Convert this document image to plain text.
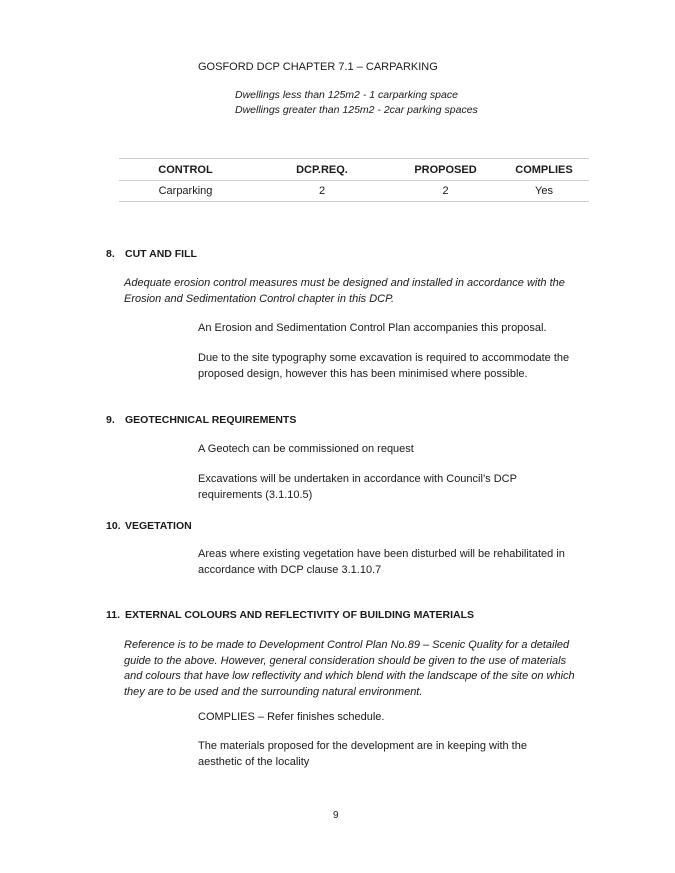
GOSFORD DCP CHAPTER 7.1 – CARPARKING
Dwellings less than 125m2 - 1 carparking space
Dwellings greater than 125m2 - 2car parking spaces
CONTROL	DCP.REQ.	PROPOSED	COMPLIES
Carparking	2	2	Yes
8. CUT AND FILL
Adequate erosion control measures must be designed and installed in accordance with the Erosion and Sedimentation Control chapter in this DCP.
An Erosion and Sedimentation Control Plan accompanies this proposal.
Due to the site typography some excavation is required to accommodate the proposed design, however this has been minimised where possible.
9. GEOTECHNICAL REQUIREMENTS
A Geotech can be commissioned on request
Excavations will be undertaken in accordance with Council’s DCP requirements (3.1.10.5)
10. VEGETATION
Areas where existing vegetation have been disturbed will be rehabilitated in accordance with DCP clause 3.1.10.7
11. EXTERNAL COLOURS AND REFLECTIVITY OF BUILDING MATERIALS
Reference is to be made to Development Control Plan No.89 – Scenic Quality for a detailed guide to the above. However, general consideration should be given to the use of materials and colours that have low reflectivity and which blend with the landscape of the site on which they are to be used and the surrounding natural environment.
COMPLIES – Refer finishes schedule.
The materials proposed for the development are in keeping with the aesthetic of the locality
9
